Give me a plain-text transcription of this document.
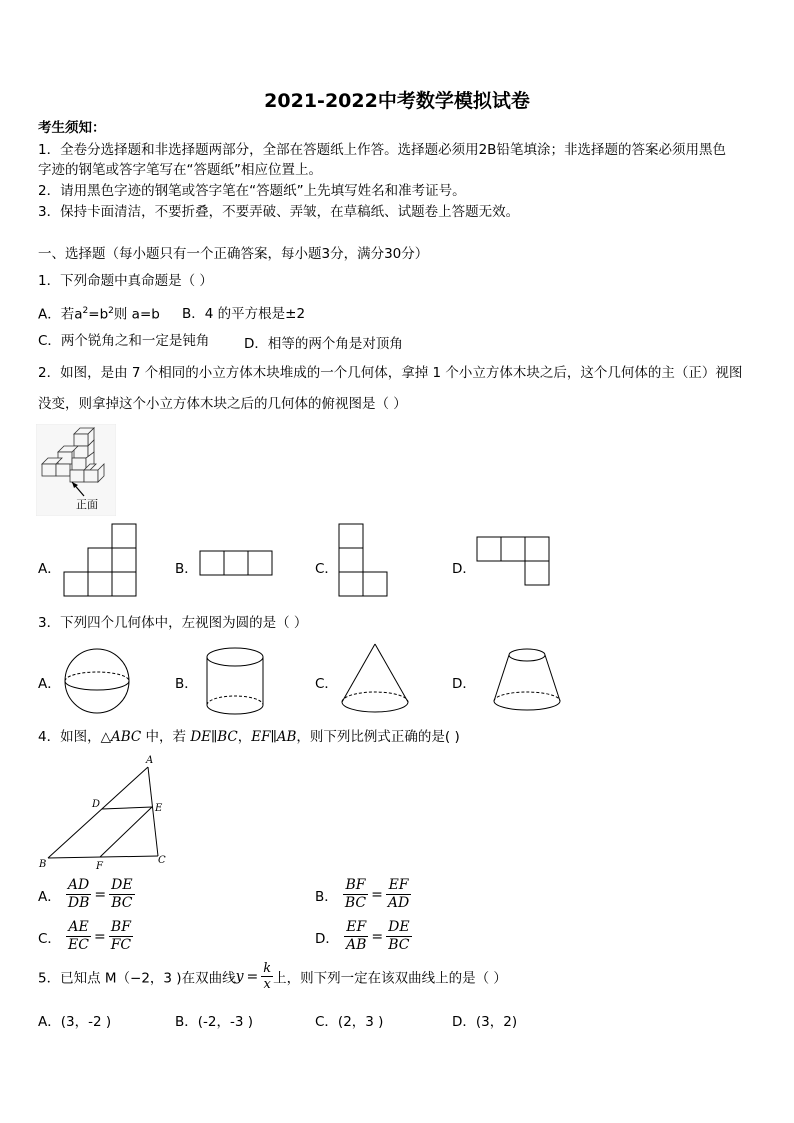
2021-2022中考数学模拟试卷
考生须知：
1．全卷分选择题和非选择题两部分，全部在答题纸上作答。选择题必须用2B铅笔填涂；非选择题的答案必须用黑色
字迹的钢笔或答字笔写在“答题纸”相应位置上。
2．请用黑色字迹的钢笔或答字笔在“答题纸”上先填写姓名和准考证号。
3．保持卡面清洁，不要折叠，不要弄破、弄皱，在草稿纸、试题卷上答题无效。
一、选择题（每小题只有一个正确答案，每小题3分，满分30分）
1．下列命题中真命题是（ ）
A．若$a^2=b^2$则 a=b B．4 的平方根是±2
C．两个锐角之和一定是钝角	D．相等的两个角是对顶角
2．如图，是由 7 个相同的小立方体木块堆成的一个几何体，拿掉 1 个小立方体木块之后，这个几何体的主（正）视图
没变，则拿掉这个小立方体木块之后的几何体的俯视图是（ ）
正面
A．	B．	C．	D．
3．下列四个几何体中，左视图为圆的是（ ）
A．	B．	C．	D．
4．如图，△ABC 中，若 DE∥BC，EF∥AB，则下列比例式正确的是( )
A
D	E
B	F
C
A． $\frac{AD}{DB} = \frac{DE}{BC}$	B． $\frac{BF}{BC} = \frac{EF}{AD}$
C． $\frac{AE}{EC} = \frac{BF}{FC}$	D． $\frac{EF}{AB} = \frac{DE}{BC}$
5．已知点 M（−2，3 )在双曲线$y = \frac{k}{x}$ 上，则下列一定在该双曲线上的是（ ）
A．(3，-2 )	B．(-2，-3 )	C．(2，3 )	D．(3，2)
